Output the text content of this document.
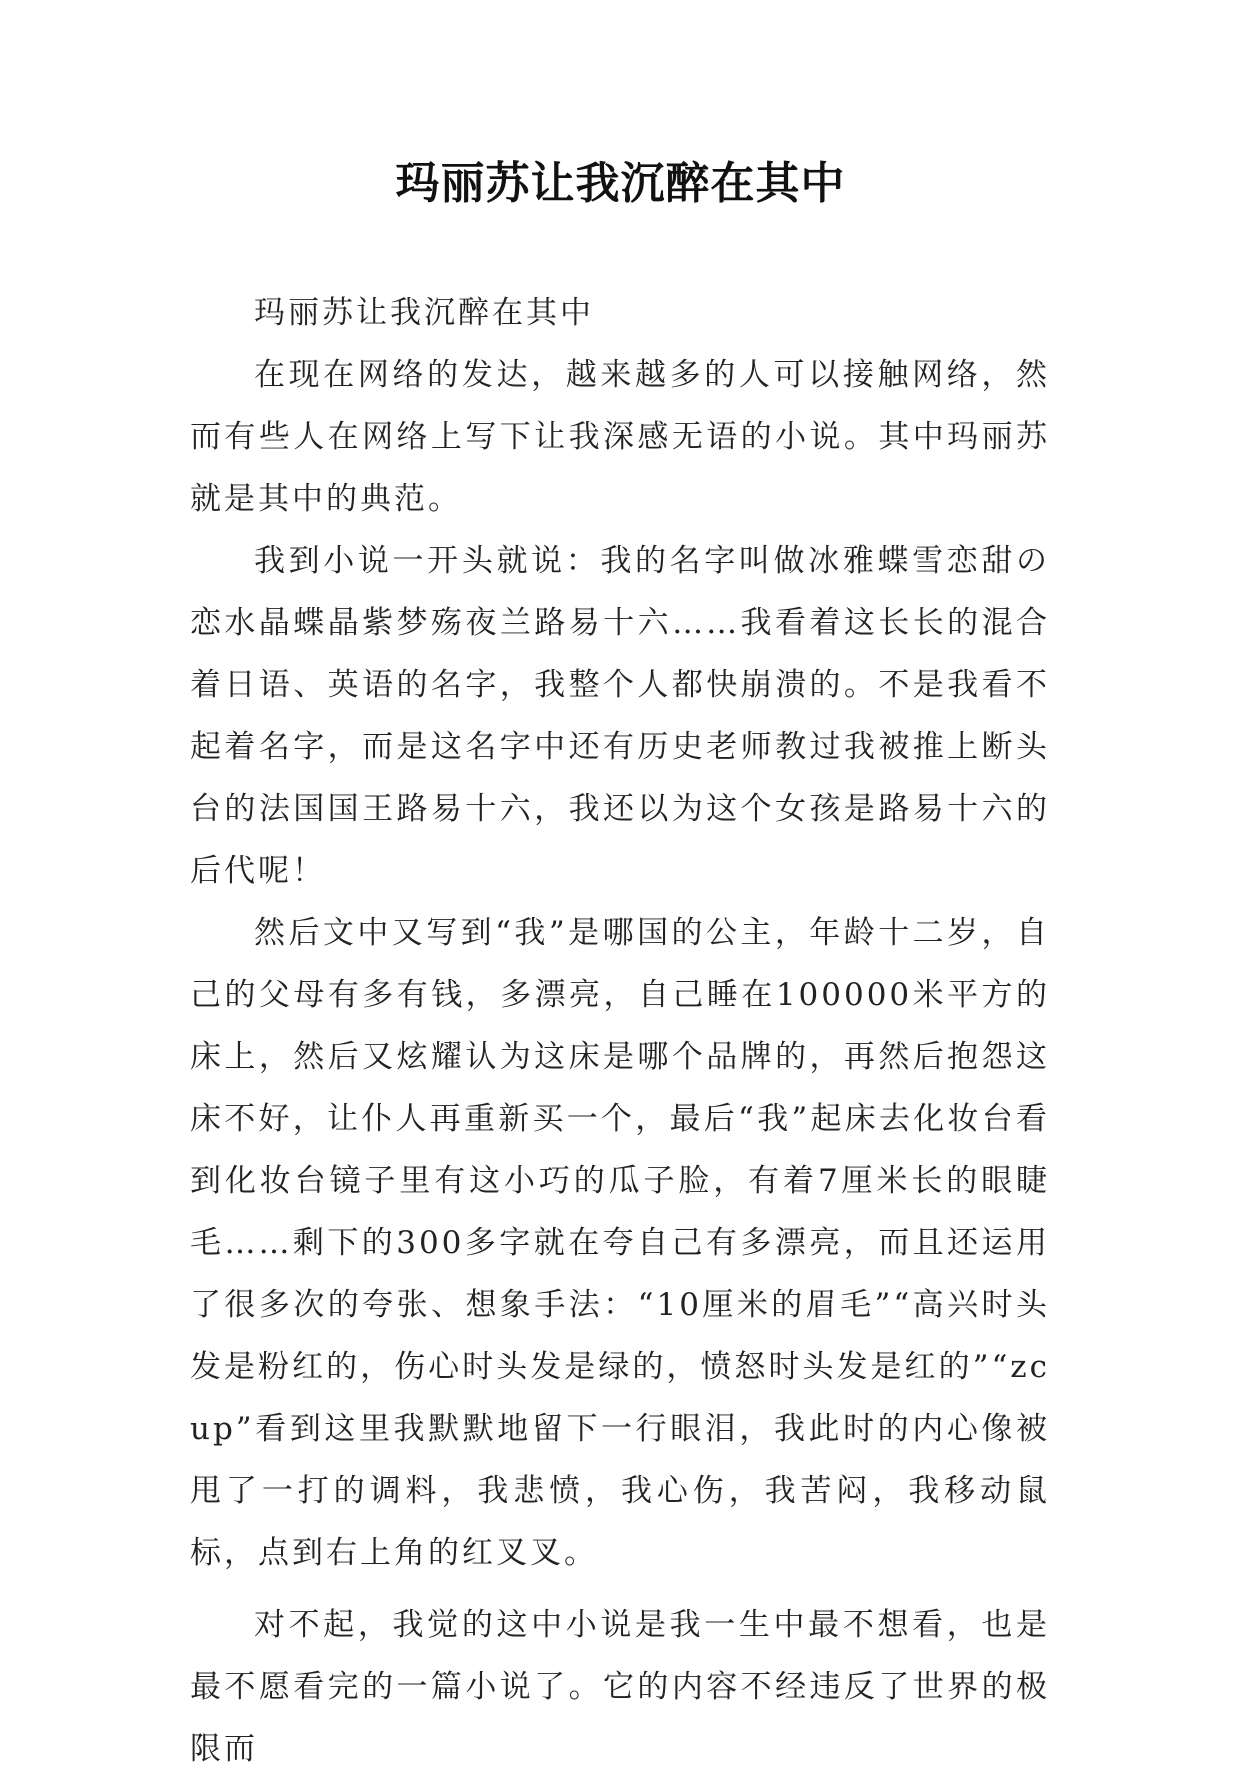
玛丽苏让我沉醉在其中

玛丽苏让我沉醉在其中

在现在网络的发达，越来越多的人可以接触网络，然而有些人在网络上写下让我深感无语的小说。其中玛丽苏就是其中的典范。

我到小说一开头就说：我的名字叫做冰雅蝶雪恋甜の恋水晶蝶晶紫梦殇夜兰路易十六……我看着这长长的混合着日语、英语的名字，我整个人都快崩溃的。不是我看不起着名字，而是这名字中还有历史老师教过我被推上断头台的法国国王路易十六，我还以为这个女孩是路易十六的后代呢！

然后文中又写到“我”是哪国的公主，年龄十二岁，自己的父母有多有钱，多漂亮，自己睡在100000米平方的床上，然后又炫耀认为这床是哪个品牌的，再然后抱怨这床不好，让仆人再重新买一个，最后“我”起床去化妆台看到化妆台镜子里有这小巧的瓜子脸，有着7厘米长的眼睫毛……剩下的300多字就在夸自己有多漂亮，而且还运用了很多次的夸张、想象手法：“10厘米的眉毛”“高兴时头发是粉红的，伤心时头发是绿的，愤怒时头发是红的”“zcup”看到这里我默默地留下一行眼泪，我此时的内心像被甩了一打的调料，我悲愤，我心伤，我苦闷，我移动鼠标，点到右上角的红叉叉。

对不起，我觉的这中小说是我一生中最不想看，也是最不愿看完的一篇小说了。它的内容不经违反了世界的极限而
